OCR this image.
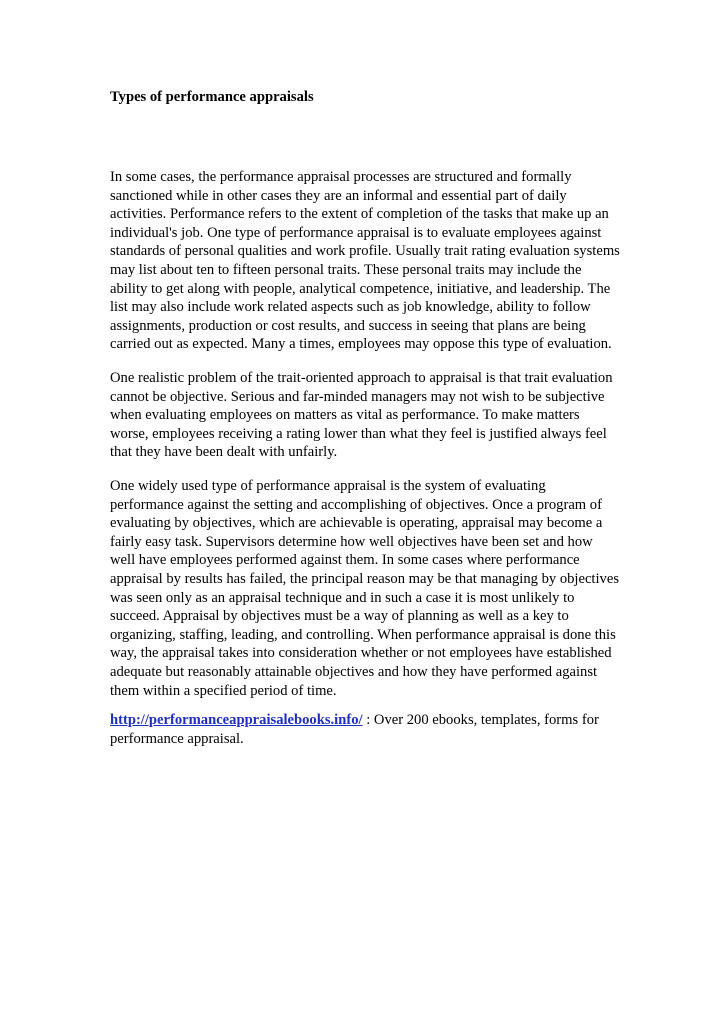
Types of performance appraisals

In some cases, the performance appraisal processes are structured and formally sanctioned while in other cases they are an informal and essential part of daily activities. Performance refers to the extent of completion of the tasks that make up an individual's job. One type of performance appraisal is to evaluate employees against standards of personal qualities and work profile. Usually trait rating evaluation systems may list about ten to fifteen personal traits. These personal traits may include the ability to get along with people, analytical competence, initiative, and leadership. The list may also include work related aspects such as job knowledge, ability to follow assignments, production or cost results, and success in seeing that plans are being carried out as expected. Many a times, employees may oppose this type of evaluation.

One realistic problem of the trait-oriented approach to appraisal is that trait evaluation cannot be objective. Serious and far-minded managers may not wish to be subjective when evaluating employees on matters as vital as performance. To make matters worse, employees receiving a rating lower than what they feel is justified always feel that they have been dealt with unfairly.

One widely used type of performance appraisal is the system of evaluating performance against the setting and accomplishing of objectives. Once a program of evaluating by objectives, which are achievable is operating, appraisal may become a fairly easy task. Supervisors determine how well objectives have been set and how well have employees performed against them. In some cases where performance appraisal by results has failed, the principal reason may be that managing by objectives was seen only as an appraisal technique and in such a case it is most unlikely to succeed. Appraisal by objectives must be a way of planning as well as a key to organizing, staffing, leading, and controlling. When performance appraisal is done this way, the appraisal takes into consideration whether or not employees have established adequate but reasonably attainable objectives and how they have performed against them within a specified period of time.

http://performanceappraisalebooks.info/ : Over 200 ebooks, templates, forms for performance appraisal.
